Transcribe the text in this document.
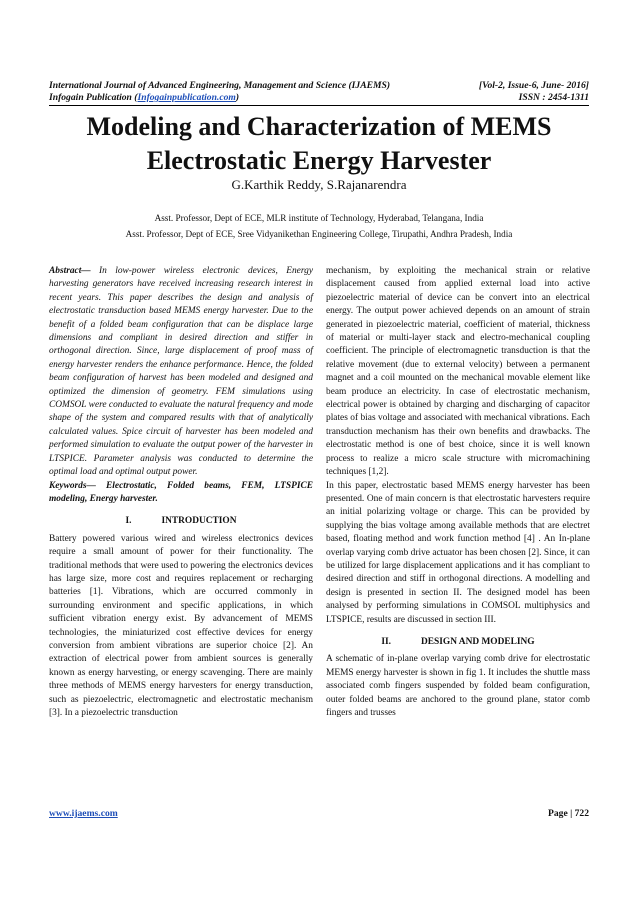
International Journal of Advanced Engineering, Management and Science (IJAEMS)	[Vol-2, Issue-6, June- 2016]
Infogain Publication (Infogainpublication.com)	ISSN : 2454-1311
Modeling and Characterization of MEMS
Electrostatic Energy Harvester
G.Karthik Reddy, S.Rajanarendra
Asst. Professor, Dept of ECE, MLR institute of Technology, Hyderabad, Telangana, India
Asst. Professor, Dept of ECE, Sree Vidyanikethan Engineering College, Tirupathi, Andhra Pradesh, India

Abstract— In low-power wireless electronic devices, Energy harvesting generators have received increasing research interest in recent years. This paper describes the design and analysis of electrostatic transduction based MEMS energy harvester. Due to the benefit of a folded beam configuration that can be displace large dimensions and compliant in desired direction and stiffer in orthogonal direction. Since, large displacement of proof mass of energy harvester renders the enhance performance. Hence, the folded beam configuration of harvest has been modeled and designed and optimized the dimension of geometry. FEM simulations using COMSOL were conducted to evaluate the natural frequency and mode shape of the system and compared results with that of analytically calculated values. Spice circuit of harvester has been modeled and performed simulation to evaluate the output power of the harvester in LTSPICE. Parameter analysis was conducted to determine the optimal load and optimal output power.

Keywords— Electrostatic, Folded beams, FEM, LTSPICE modeling, Energy harvester.

I.	INTRODUCTION

Battery powered various wired and wireless electronics devices require a small amount of power for their functionality. The traditional methods that were used to powering the electronics devices has large size, more cost and requires replacement or recharging batteries [1]. Vibrations, which are occurred commonly in surrounding environment and specific applications, in which sufficient vibration energy exist. By advancement of MEMS technologies, the miniaturized cost effective devices for energy conversion from ambient vibrations are superior choice [2]. An extraction of electrical power from ambient sources is generally known as energy harvesting, or energy scavenging. There are mainly three methods of MEMS energy harvesters for energy transduction, such as piezoelectric, electromagnetic and electrostatic mechanism [3]. In a piezoelectric transduction

mechanism, by exploiting the mechanical strain or relative displacement caused from applied external load into active piezoelectric material of device can be convert into an electrical energy. The output power achieved depends on an amount of strain generated in piezoelectric material, coefficient of material, thickness of material or multi-layer stack and electro-mechanical coupling coefficient. The principle of electromagnetic transduction is that the relative movement (due to external velocity) between a permanent magnet and a coil mounted on the mechanical movable element like beam produce an electricity. In case of electrostatic mechanism, electrical power is obtained by charging and discharging of capacitor plates of bias voltage and associated with mechanical vibrations. Each transduction mechanism has their own benefits and drawbacks. The electrostatic method is one of best choice, since it is well known process to realize a micro scale structure with micromachining techniques [1,2].

In this paper, electrostatic based MEMS energy harvester has been presented. One of main concern is that electrostatic harvesters require an initial polarizing voltage or charge. This can be provided by supplying the bias voltage among available methods that are electret based, floating method and work function method [4] . An In-plane overlap varying comb drive actuator has been chosen [2]. Since, it can be utilized for large displacement applications and it has compliant to desired direction and stiff in orthogonal directions. A modelling and design is presented in section II. The designed model has been analysed by performing simulations in COMSOL multiphysics and LTSPICE, results are discussed in section III.

II.	DESIGN AND MODELING

A schematic of in-plane overlap varying comb drive for electrostatic MEMS energy harvester is shown in fig 1. It includes the shuttle mass associated comb fingers suspended by folded beam configuration, outer folded beams are anchored to the ground plane, stator comb fingers and trusses

www.ijaems.com	Page | 722
